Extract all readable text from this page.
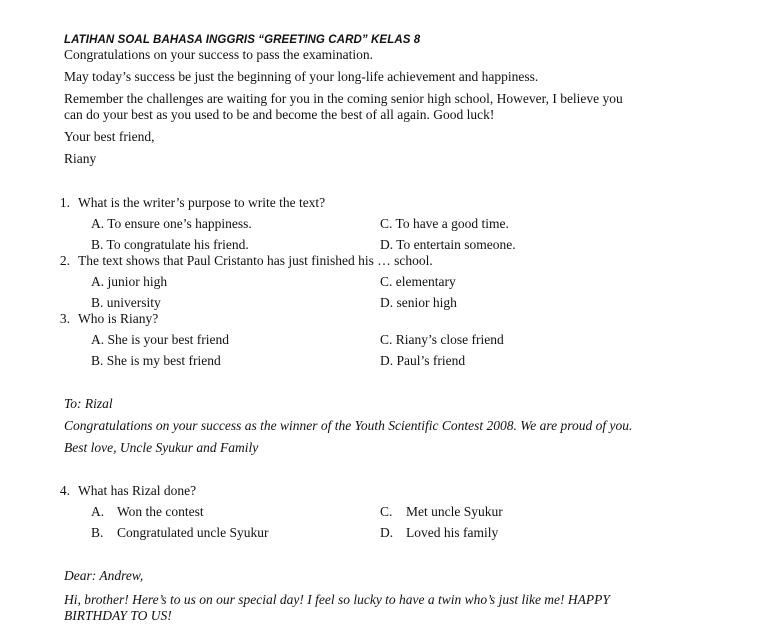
LATIHAN SOAL BAHASA INGGRIS “GREETING CARD” KELAS 8

Congratulations on your success to pass the examination.

May today’s success be just the beginning of your long-life achievement and happiness.

Remember the challenges are waiting for you in the coming senior high school, However, I believe you

can do your best as you used to be and become the best of all again. Good luck!

Your best friend,

Riany

1. What is the writer’s purpose to write the text?
A. To ensure one’s happiness.	C. To have a good time.
B. To congratulate his friend.	D. To entertain someone.
2. The text shows that Paul Cristanto has just finished his … school.
A. junior high	C. elementary
B. university	D. senior high
3. Who is Riany?
A. She is your best friend	C. Riany’s close friend
B. She is my best friend	D. Paul’s friend

To: Rizal

Congratulations on your success as the winner of the Youth Scientific Contest 2008. We are proud of you.

Best love, Uncle Syukur and Family

4. What has Rizal done?
A. Won the contest	C. Met uncle Syukur
B. Congratulated uncle Syukur	D. Loved his family

Dear: Andrew,

Hi, brother! Here’s to us on our special day! I feel so lucky to have a twin who’s just like me! HAPPY

BIRTHDAY TO US!
